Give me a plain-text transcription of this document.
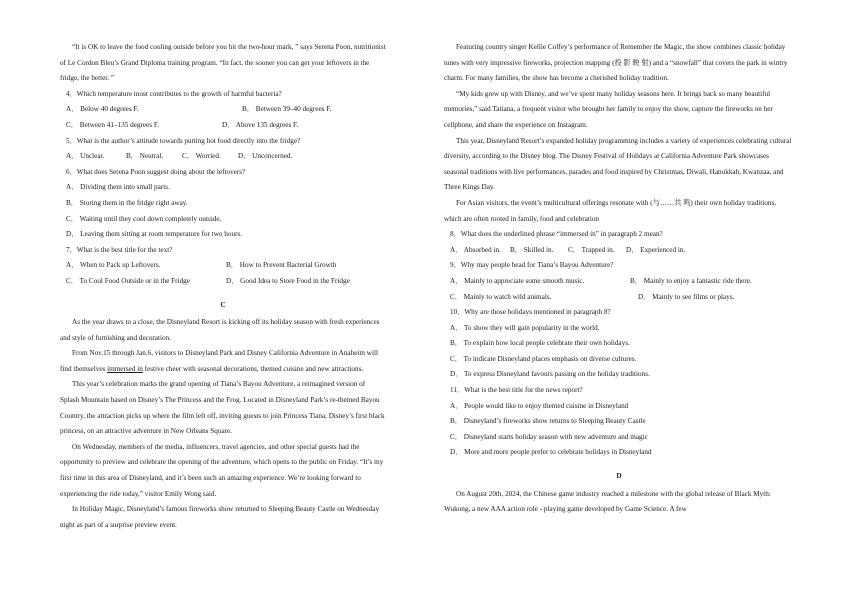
“It is OK to leave the food cooling outside before you hit the two-hour mark, ” says Serena Poon, nutritionist of Le Cordon Bleu’s Grand Diploma training program. “In fact, the sooner you can get your leftovers in the fridge, the better. ”

4．Which temperature most contributes to the growth of harmful bacteria?

A． Below 40 degrees F.	B． Between 39–40 degrees F.
C． Between 41–135 degrees F.	D． Above 135 degrees F.

5．What is the author’s attitude towards putting hot food directly into the fridge?

A． Unclear.	B． Neutral.	C． Worried.	D． Unconcerned.

6．What does Serena Poon suggest doing about the leftovers?

A． Dividing them into small parts.

B． Storing them in the fridge right away.

C． Waiting until they cool down completely outside.

D． Leaving them sitting at room temperature for two hours.

7．What is the best title for the text?

A． When to Pack up Leftovers.	B． How to Prevent Bacterial Growth
C． To Cool Food Outside or in the Fridge	D． Good Idea to Store Food in the Fridge

C

As the year draws to a close, the Disneyland Resort is kicking off its holiday season with fresh experiences and style of furnishing and decoration.

From Nov.15 through Jan.6, visitors to Disneyland Park and Disney California Adventure in Anaheim will find themselves immersed in festive cheer with seasonal decorations, themed cuisine and new attractions.

This year’s celebration marks the grand opening of Tiana’s Bayou Adventure, a reimagined version of Splash Mountain based on Disney’s The Princess and the Frog. Located in Disneyland Park’s re-themed Bayou Country, the attraction picks up where the film left off, inviting guests to join Princess Tiana, Disney’s first black princess, on an attractive adventure in New Orleans Square.

On Wednesday, members of the media, influencers, travel agencies, and other special guests had the opportunity to preview and celebrate the opening of the adventure, which opens to the public on Friday. “It’s my first time in this area of Disneyland, and it’s been such an amazing experience. We’re looking forward to experiencing the ride today,” visitor Emily Wong said.

In Holiday Magic, Disneyland’s famous fireworks show returned to Sleeping Beauty Castle on Wednesday night as part of a surprise preview event.

Featuring country singer Kellie Coffey’s performance of Remember the Magic, the show combines classic holiday tunes with very impressive fireworks, projection mapping (投 影 映 射) and a “snowfall” that covers the park in wintry charm. For many families, the show has become a cherished holiday tradition.

“My kids grew up with Disney, and we’ve spent many holiday seasons here. It brings back so many beautiful memories,” said Tatiana, a frequent visitor who brought her family to enjoy the show, capture the fireworks on her cellphone, and share the experience on Instagram.

This year, Disneyland Resort’s expanded holiday programming includes a variety of experiences celebrating cultural diversity, according to the Disney blog. The Disney Festival of Holidays at California Adventure Park showcases seasonal traditions with live performances, parades and food inspired by Christmas, Diwali, Hanukkah, Kwanzaa, and Three Kings Day.

For Asian visitors, the event’s multicultural offerings resonate with (与……共 鸣) their own holiday traditions, which are often rooted in family, food and celebration

8．What does the underlined phrase “immersed in” in paragraph 2 mean?

A． Absorbed in.	B． Skilled in.	C． Trapped in.	D． Experienced in.

9．Why may people head for Tiana’s Bayou Adventure?

A． Mainly to appreciate some smooth music.	B． Mainly to enjoy a fantastic ride there.
C． Mainly to watch wild animals.	D． Mainly to see films or plays.

10．Why are those holidays mentioned in paragraph 8?

A． To show they will gain popularity in the world.

B． To explain how local people celebrate their own holidays.

C． To indicate Disneyland places emphasis on diverse cultures.

D． To express Disneyland favours passing on the holiday traditions.

11．What is the best title for the news report?

A． People would like to enjoy themed cuisine in Disneyland

B． Disneyland’s fireworks show returns to Sleeping Beauty Castle

C． Disneyland starts holiday season with new adventure and magic

D． More and more people prefer to celebrate holidays in Disneyland

D

On August 20th, 2024, the Chinese game industry reached a milestone with the global release of Black Myth: Wukong, a new AAA action role - playing game developed by Game Science. A few
